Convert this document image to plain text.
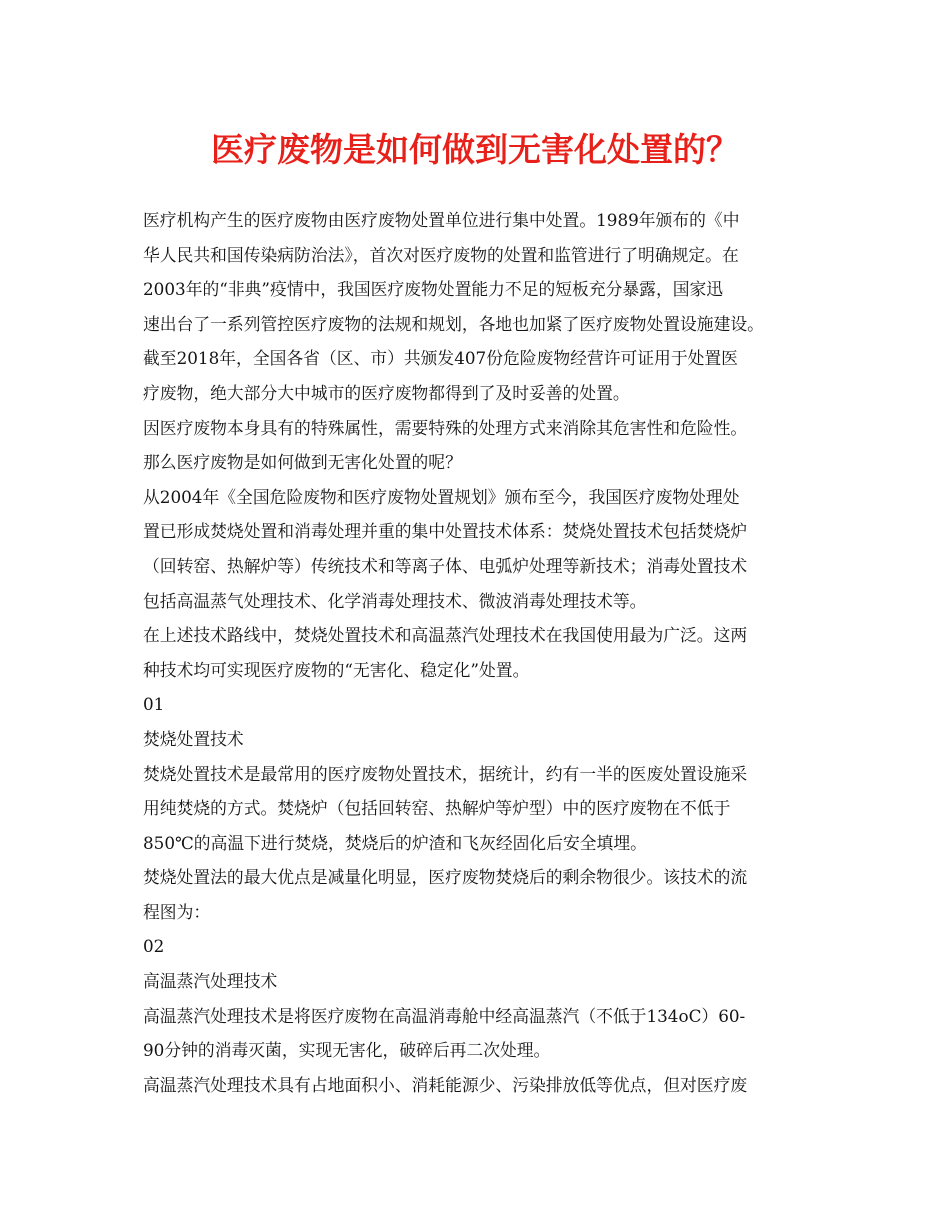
医疗废物是如何做到无害化处置的？
医疗机构产生的医疗废物由医疗废物处置单位进行集中处置。1989年颁布的《中
华人民共和国传染病防治法》，首次对医疗废物的处置和监管进行了明确规定。在
2003年的“非典”疫情中，我国医疗废物处置能力不足的短板充分暴露，国家迅
速出台了一系列管控医疗废物的法规和规划，各地也加紧了医疗废物处置设施建设。
截至2018年，全国各省（区、市）共颁发407份危险废物经营许可证用于处置医
疗废物，绝大部分大中城市的医疗废物都得到了及时妥善的处置。
因医疗废物本身具有的特殊属性，需要特殊的处理方式来消除其危害性和危险性。
那么医疗废物是如何做到无害化处置的呢？
从2004年《全国危险废物和医疗废物处置规划》颁布至今，我国医疗废物处理处
置已形成焚烧处置和消毒处理并重的集中处置技术体系：焚烧处置技术包括焚烧炉
（回转窑、热解炉等）传统技术和等离子体、电弧炉处理等新技术；消毒处置技术
包括高温蒸气处理技术、化学消毒处理技术、微波消毒处理技术等。
在上述技术路线中，焚烧处置技术和高温蒸汽处理技术在我国使用最为广泛。这两
种技术均可实现医疗废物的“无害化、稳定化”处置。
01
焚烧处置技术
焚烧处置技术是最常用的医疗废物处置技术，据统计，约有一半的医废处置设施采
用纯焚烧的方式。焚烧炉（包括回转窑、热解炉等炉型）中的医疗废物在不低于
850℃的高温下进行焚烧，焚烧后的炉渣和飞灰经固化后安全填埋。
焚烧处置法的最大优点是减量化明显，医疗废物焚烧后的剩余物很少。该技术的流
程图为：
02
高温蒸汽处理技术
高温蒸汽处理技术是将医疗废物在高温消毒舱中经高温蒸汽（不低于134oC）60-
90分钟的消毒灭菌，实现无害化，破碎后再二次处理。
高温蒸汽处理技术具有占地面积小、消耗能源少、污染排放低等优点，但对医疗废
